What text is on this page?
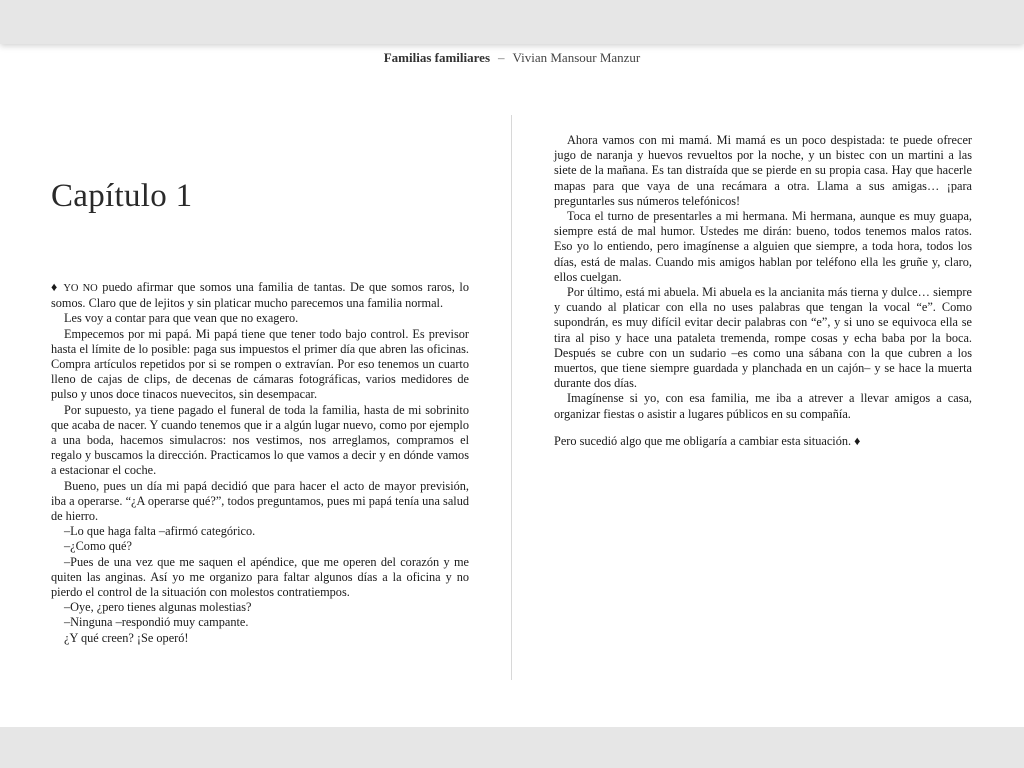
Familias familiares – Vivian Mansour Manzur
Capítulo 1

♦ YO NO puedo afirmar que somos una familia de tantas. De que somos raros, lo somos. Claro que de lejitos y sin platicar mucho parecemos una familia normal.

Les voy a contar para que vean que no exagero.

Empecemos por mi papá. Mi papá tiene que tener todo bajo control. Es previsor hasta el límite de lo posible: paga sus impuestos el primer día que abren las oficinas. Compra artículos repetidos por si se rompen o extravían. Por eso tenemos un cuarto lleno de cajas de clips, de decenas de cámaras fotográficas, varios medidores de pulso y unos doce tinacos nuevecitos, sin desempacar.

Por supuesto, ya tiene pagado el funeral de toda la familia, hasta de mi sobrinito que acaba de nacer. Y cuando tenemos que ir a algún lugar nuevo, como por ejemplo a una boda, hacemos simulacros: nos vestimos, nos arreglamos, compramos el regalo y buscamos la dirección. Practicamos lo que vamos a decir y en dónde vamos a estacionar el coche.

Bueno, pues un día mi papá decidió que para hacer el acto de mayor previsión, iba a operarse. “¿A operarse qué?”, todos preguntamos, pues mi papá tenía una salud de hierro.

–Lo que haga falta –afirmó categórico.

–¿Como qué?

–Pues de una vez que me saquen el apéndice, que me operen del corazón y me quiten las anginas. Así yo me organizo para faltar algunos días a la oficina y no pierdo el control de la situación con molestos contratiempos.

–Oye, ¿pero tienes algunas molestias?

–Ninguna –respondió muy campante.

¿Y qué creen? ¡Se operó!

Ahora vamos con mi mamá. Mi mamá es un poco despistada: te puede ofrecer jugo de naranja y huevos revueltos por la noche, y un bistec con un martini a las siete de la mañana. Es tan distraída que se pierde en su propia casa. Hay que hacerle mapas para que vaya de una recámara a otra. Llama a sus amigas… ¡para preguntarles sus números telefónicos!

Toca el turno de presentarles a mi hermana. Mi hermana, aunque es muy guapa, siempre está de mal humor. Ustedes me dirán: bueno, todos tenemos malos ratos. Eso yo lo entiendo, pero imagínense a alguien que siempre, a toda hora, todos los días, está de malas. Cuando mis amigos hablan por teléfono ella les gruñe y, claro, ellos cuelgan.

Por último, está mi abuela. Mi abuela es la ancianita más tierna y dulce… siempre y cuando al platicar con ella no uses palabras que tengan la vocal “e”. Como supondrán, es muy difícil evitar decir palabras con “e”, y si uno se equivoca ella se tira al piso y hace una pataleta tremenda, rompe cosas y echa baba por la boca. Después se cubre con un sudario –es como una sábana con la que cubren a los muertos, que tiene siempre guardada y planchada en un cajón– y se hace la muerta durante dos días.

Imagínense si yo, con esa familia, me iba a atrever a llevar amigos a casa, organizar fiestas o asistir a lugares públicos en su compañía.

Pero sucedió algo que me obligaría a cambiar esta situación. ♦
